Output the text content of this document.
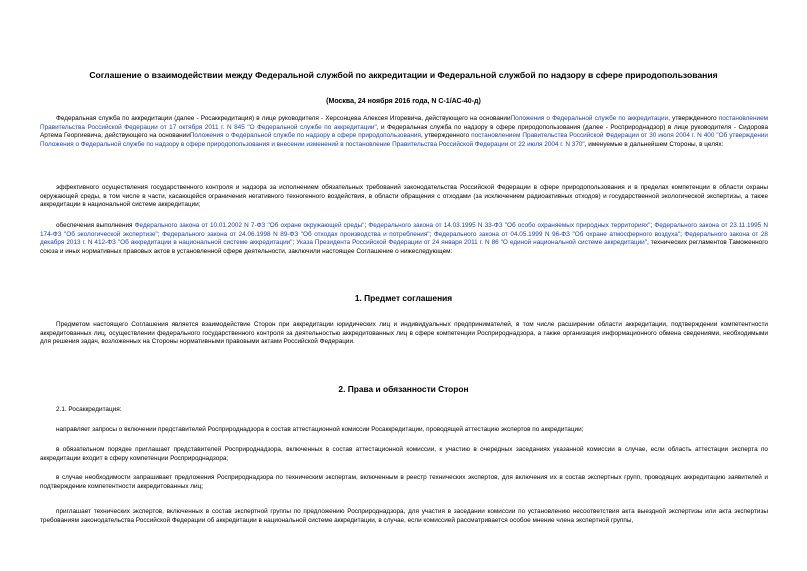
Соглашение о взаимодействии между Федеральной службой по аккредитации и Федеральной службой по надзору в сфере природопользования
(Москва, 24 ноября 2016 года, N С-1/АС-40-д)

Федеральная служба по аккредитации (далее - Росаккредитация) в лице руководителя - Херсонцева Алексея Игоревича, действующего на основанииПоложения о Федеральной службе по аккредитации, утвержденного постановлением Правительства Российской Федерации от 17 октября 2011 г. N 845 "О Федеральной службе по аккредитации", и Федеральная служба по надзору в сфере природопользования (далее - Росприроднадзор) в лице руководителя - Сидорова Артема Георгиевича, действующего на основанииПоложения о Федеральной службе по надзору в сфере природопользования, утвержденного постановлением Правительства Российской Федерации от 30 июля 2004 г. N 400 "Об утверждении Положения о Федеральной службе по надзору в сфере природопользования и внесении изменений в постановление Правительства Российской Федерации от 22 июля 2004 г. N 370", именуемые в дальнейшем Стороны, в целях:

эффективного осуществления государственного контроля и надзора за исполнением обязательных требований законодательства Российской Федерации в сфере природопользования и в пределах компетенции в области охраны окружающей среды, в том числе в части, касающейся ограничения негативного техногенного воздействия, в области обращения с отходами (за исключением радиоактивных отходов) и государственной экологической экспертизы, а также аккредитации в национальной системе аккредитации;

обеспечения выполнения Федерального закона от 10.01.2002 N 7-ФЗ "Об охране окружающей среды"; Федерального закона от 14.03.1995 N 33-ФЗ "Об особо охраняемых природных территориях"; Федерального закона от 23.11.1995 N 174-ФЗ "Об экологической экспертизе"; Федерального закона от 24.06.1998 N 89-ФЗ "Об отходах производства и потребления"; Федерального закона от 04.05.1999 N 96-ФЗ "Об охране атмосферного воздуха"; Федерального закона от 28 декабря 2013 г. N 412-ФЗ "Об аккредитации в национальной системе аккредитации"; Указа Президента Российской Федерации от 24 января 2011 г. N 86 "О единой национальной системе аккредитации", технических регламентов Таможенного союза и иных нормативных правовых актов в установленной сфере деятельности, заключили настоящее Соглашение о нижеследующем:

1. Предмет соглашения

Предметом настоящего Соглашения является взаимодействие Сторон при аккредитации юридических лиц и индивидуальных предпринимателей, в том числе расширении области аккредитации, подтверждении компетентности аккредитованных лиц, осуществлении федерального государственного контроля за деятельностью аккредитованных лиц в сфере компетенции Росприроднадзора, а также организация информационного обмена сведениями, необходимыми для решения задач, возложенных на Стороны нормативными правовыми актами Российской Федерации.

2. Права и обязанности Сторон

2.1. Росаккредитация:

направляет запросы о включении представителей Росприроднадзора в состав аттестационной комиссии Росаккредитации, проводящей аттестацию экспертов по аккредитации;

в обязательном порядке приглашает представителей Росприроднадзора, включенных в состав аттестационной комиссии, к участию в очередных заседаниях указанной комиссии в случае, если область аттестации эксперта по аккредитации входит в сферу компетенции Росприроднадзора;

в случае необходимости запрашивает предложения Росприроднадзора по техническим экспертам, включенным в реестр технических экспертов, для включения их в состав экспертных групп, проводящих аккредитацию заявителей и подтверждение компетентности аккредитованных лиц;

приглашает технических экспертов, включенных в состав экспертной группы по предложению Росприроднадзора, для участия в заседании комиссии по установлению несоответствия акта выездной экспертизы или акта экспертизы требованиям законодательства Российской Федерации об аккредитации в национальной системе аккредитации, в случае, если комиссией рассматривается особое мнение члена экспертной группы,
